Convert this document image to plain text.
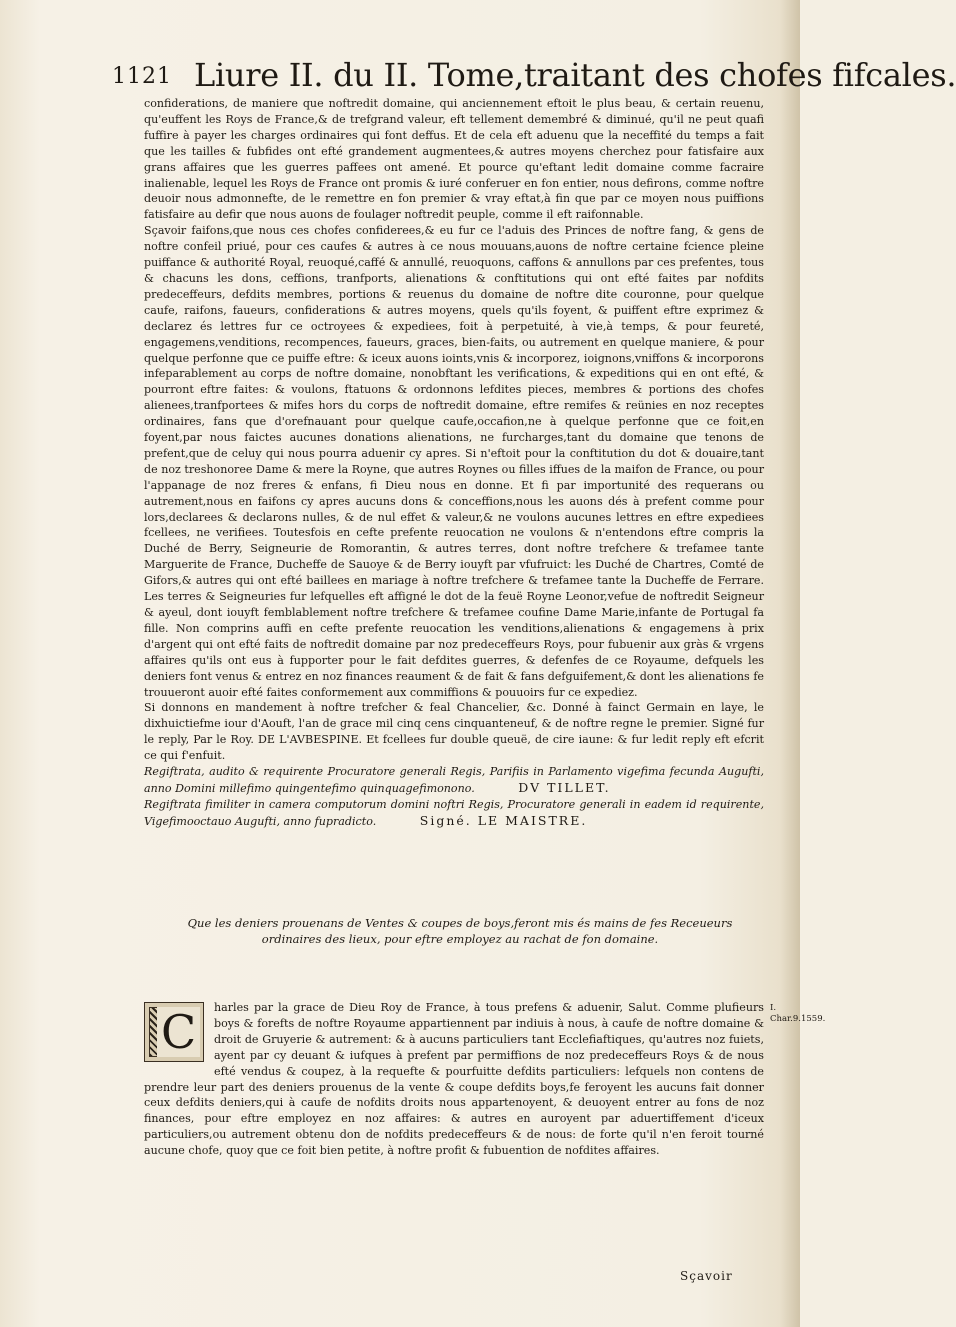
1121 Liure II. du II. Tome,traitant des chofes fifcales.

confiderations, de maniere que noftredit domaine, qui anciennement eftoit le plus beau, & certain reuenu, qu'euffent les Roys de France,& de trefgrand valeur, eft tellement demembré & diminué, qu'il ne peut quafi fuffire à payer les charges ordinaires qui font deffus. Et de cela eft aduenu que la neceffité du temps a fait que les tailles & fubfides ont efté grandement augmentees,& autres moyens cherchez pour fatisfaire aux grans affaires que les guerres paffees ont amené. Et pource qu'eftant ledit domaine comme facraire inalienable, lequel les Roys de France ont promis & iuré conferuer en fon entier, nous defirons, comme noftre deuoir nous admonnefte, de le remettre en fon premier & vray eftat,à fin que par ce moyen nous puiffions fatisfaire au defir que nous auons de foulager noftredit peuple, comme il eft raifonnable.

Sçavoir faifons,que nous ces chofes confiderees,& eu fur ce l'aduis des Princes de noftre fang, & gens de noftre confeil priué, pour ces caufes & autres à ce nous mouuans,auons de noftre certaine fcience pleine puiffance & authorité Royal, reuoqué,caffé & annullé, reuoquons, caffons & annullons par ces prefentes, tous & chacuns les dons, ceffions, tranfports, alienations & conftitutions qui ont efté faites par nofdits predeceffeurs, defdits membres, portions & reuenus du domaine de noftre dite couronne, pour quelque caufe, raifons, faueurs, confiderations & autres moyens, quels qu'ils foyent, & puiffent eftre exprimez & declarez és lettres fur ce octroyees & expediees, foit à perpetuité, à vie,à temps, & pour feureté, engagemens,venditions, recompences, faueurs, graces, bien-faits, ou autrement en quelque maniere, & pour quelque perfonne que ce puiffe eftre: & iceux auons ioints,vnis & incorporez, ioignons,vniffons & incorporons infeparablement au corps de noftre domaine, nonobftant les verifications, & expeditions qui en ont efté, & pourront eftre faites: & voulons, ftatuons & ordonnons lefdites pieces, membres & portions des chofes alienees,tranfportees & mifes hors du corps de noftredit domaine, eftre remifes & reünies en noz receptes ordinaires, fans que d'orefnauant pour quelque caufe,occafion,ne à quelque perfonne que ce foit,en foyent,par nous faictes aucunes donations alienations, ne furcharges,tant du domaine que tenons de prefent,que de celuy qui nous pourra aduenir cy apres. Si n'eftoit pour la conftitution du dot & douaire,tant de noz treshonoree Dame & mere la Royne, que autres Roynes ou filles iffues de la maifon de France, ou pour l'appanage de noz freres & enfans, fi Dieu nous en donne. Et fi par importunité des requerans ou autrement,nous en faifons cy apres aucuns dons & conceffions,nous les auons dés à prefent comme pour lors,declarees & declarons nulles, & de nul effet & valeur,& ne voulons aucunes lettres en eftre expediees fcellees, ne verifiees. Toutesfois en cefte prefente reuocation ne voulons & n'entendons eftre compris la Duché de Berry, Seigneurie de Romorantin, & autres terres, dont noftre trefchere & trefamee tante Marguerite de France, Ducheffe de Sauoye & de Berry iouyft par vfufruict: les Duché de Chartres, Comté de Gifors,& autres qui ont efté baillees en mariage à noftre trefchere & trefamee tante la Ducheffe de Ferrare. Les terres & Seigneuries fur lefquelles eft affigné le dot de la feuë Royne Leonor,vefue de noftredit Seigneur & ayeul, dont iouyft femblablement noftre trefchere & trefamee coufine Dame Marie,infante de Portugal fa fille. Non comprins auffi en cefte prefente reuocation les venditions,alienations & engagemens à prix d'argent qui ont efté faits de noftredit domaine par noz predeceffeurs Roys, pour fubuenir aux gràs & vrgens affaires qu'ils ont eus à fupporter pour le fait defdites guerres, & defenfes de ce Royaume, defquels les deniers font venus & entrez en noz finances reaument & de fait & fans defguifement,& dont les alienations fe trouueront auoir efté faites conformement aux commiffions & pouuoirs fur ce expediez.

Si donnons en mandement à noftre trefcher & feal Chancelier, &c. Donné à fainct Germain en laye, le dixhuictiefme iour d'Aouft, l'an de grace mil cinq cens cinquanteneuf, & de noftre regne le premier. Signé fur le reply, Par le Roy. DE L'AVBESPINE. Et fcellees fur double queuë, de cire iaune: & fur ledit reply eft efcrit ce qui f'enfuit.

Regiftrata, audito & requirente Procuratore generali Regis, Parifiis in Parlamento vigefima fecunda Augufti, anno Domini millefimo quingentefimo quinquagefimonono.	DV TILLET.

Regiftrata fimiliter in camera computorum domini noftri Regis, Procuratore generali in eadem id requirente, Vigefimooctauo Augufti, anno fupradicto.	Signé. LE MAISTRE.

Que les deniers prouenans de Ventes & coupes de boys,feront mis és mains de fes Receueurs

ordinaires des lieux, pour eftre employez au rachat de fon domaine.

C	harles par la grace de Dieu Roy de France, à tous prefens & aduenir, Salut. Comme plufieurs boys & forefts de noftre Royaume appartiennent par indiuis à nous, à caufe de noftre domaine & droit de Gruyerie & autrement: & à aucuns particuliers tant Ecclefiaftiques, qu'autres noz fuiets, ayent par cy deuant & iufques à prefent par permiffions de noz predeceffeurs Roys & de nous efté vendus & coupez, à la requefte & pourfuitte defdits particuliers: lefquels non contens de prendre leur part des deniers prouenus de la vente & coupe defdits boys,fe feroyent les aucuns fait donner ceux defdits deniers,qui à caufe de nofdits droits nous appartenoyent, & deuoyent entrer au fons de noz finances, pour eftre employez en noz affaires: & autres en auroyent par aduertiffement d'iceux particuliers,ou autrement obtenu don de nofdits predeceffeurs & de nous: de forte qu'il n'en feroit tourné aucune chofe, quoy que ce foit bien petite, à noftre profit & fubuention de nofdites affaires.

I. Char.9.1559.
Sçavoir
